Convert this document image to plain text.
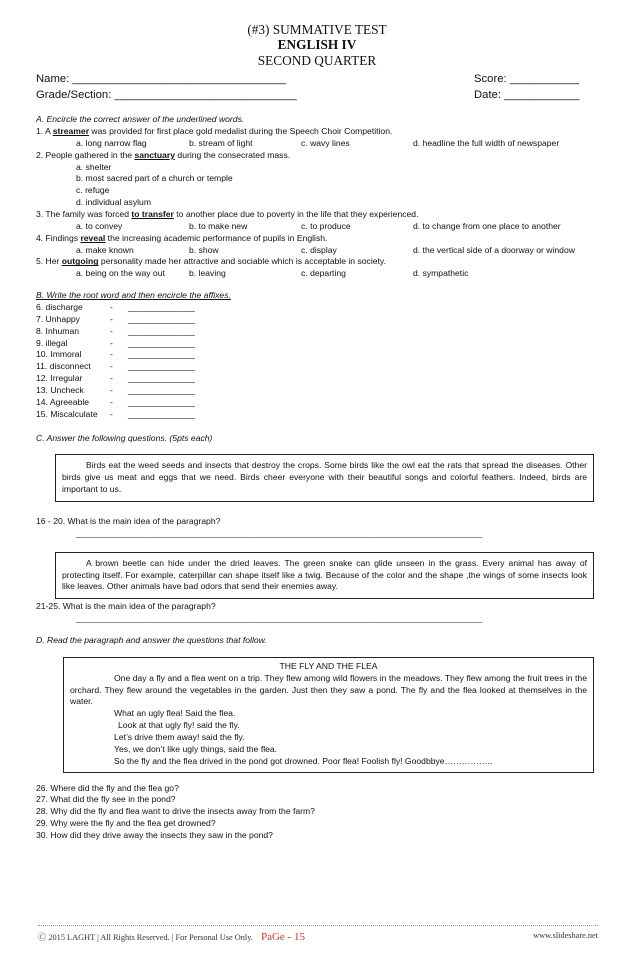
(#3) SUMMATIVE TEST
ENGLISH IV
SECOND QUARTER
Name: __________________________________	Score: ___________
Grade/Section: _____________________________	Date: ____________
A. Encircle the correct answer of the underlined words.
1. A streamer was provided for first place gold medalist during the Speech Choir Competition.
a. long narrow flag	b. stream of light	c. wavy lines	d. headline the full width of newspaper
2. People gathered in the sanctuary during the consecrated mass.
a. shelter
b. most sacred part of a church or temple
c. refuge
d. individual asylum
3. The family was forced to transfer to another place due to poverty in the life that they experienced.
a. to convey	b. to make new	c. to produce	d. to change from one place to another
4. Findings reveal the increasing academic performance of pupils in English.
a. make known	b. show	c. display	d. the vertical side of a doorway or window
5. Her outgoing personality made her attractive and sociable which is acceptable in society.
a. being on the way out	b. leaving	c. departing	d. sympathetic
B. Write the root word and then encircle the affixes.
6. discharge	-	______________
7. Unhappy	-	______________
8. Inhuman	-	______________
9. illegal	-	______________
10. Immoral	-	______________
11. disconnect	-	______________
12. Irregular	-	______________
13. Uncheck	-	______________
14. Agreeable	-	______________
15. Miscalculate	-	______________
C. Answer the following questions. (5pts each)
Birds eat the weed seeds and insects that destroy the crops. Some birds like the owl eat the rats that spread the diseases. Other birds give us meat and eggs that we need. Birds cheer everyone with their beautiful songs and colorful feathers. Indeed, birds are important to us.
16 - 20. What is the main idea of the paragraph?
_____________________________________________________________________________________
A brown beetle can hide under the dried leaves. The green snake can glide unseen in the grass. Every animal has away of protecting itself. For example, caterpillar can shape itself like a twig. Because of the color and the shape ,the wings of some insects look like leaves. Other animals have bad odors that send their enemies away.
21-25. What is the main idea of the paragraph?
_____________________________________________________________________________________
D. Read the paragraph and answer the questions that follow.
THE FLY AND THE FLEA
One day a fly and a flea went on a trip. They flew among wild flowers in the meadows. They flew among the fruit trees in the orchard. They flew around the vegetables in the garden. Just then they saw a pond. The fly and the flea looked at themselves in the water.
What an ugly flea! Said the flea.
Look at that ugly fly! said the fly.
Let’s drive them away! said the fly.
Yes, we don’t like ugly things, said the flea.
So the fly and the flea drived in the pond got drowned. Poor flea! Foolish fly! Goodbbye……………..
26. Where did the fly and the flea go?
27. What did the fly see in the pond?
28. Why did the fly and flea want to drive the insects away from the farm?
29. Why were the fly and the flea get drowned?
30. How did they drive away the insects they saw in the pond?
Ⓒ 2015 LAGHT | All Rights Reserved. | For Personal Use Only. PaGe - 15	www.slideshare.net
